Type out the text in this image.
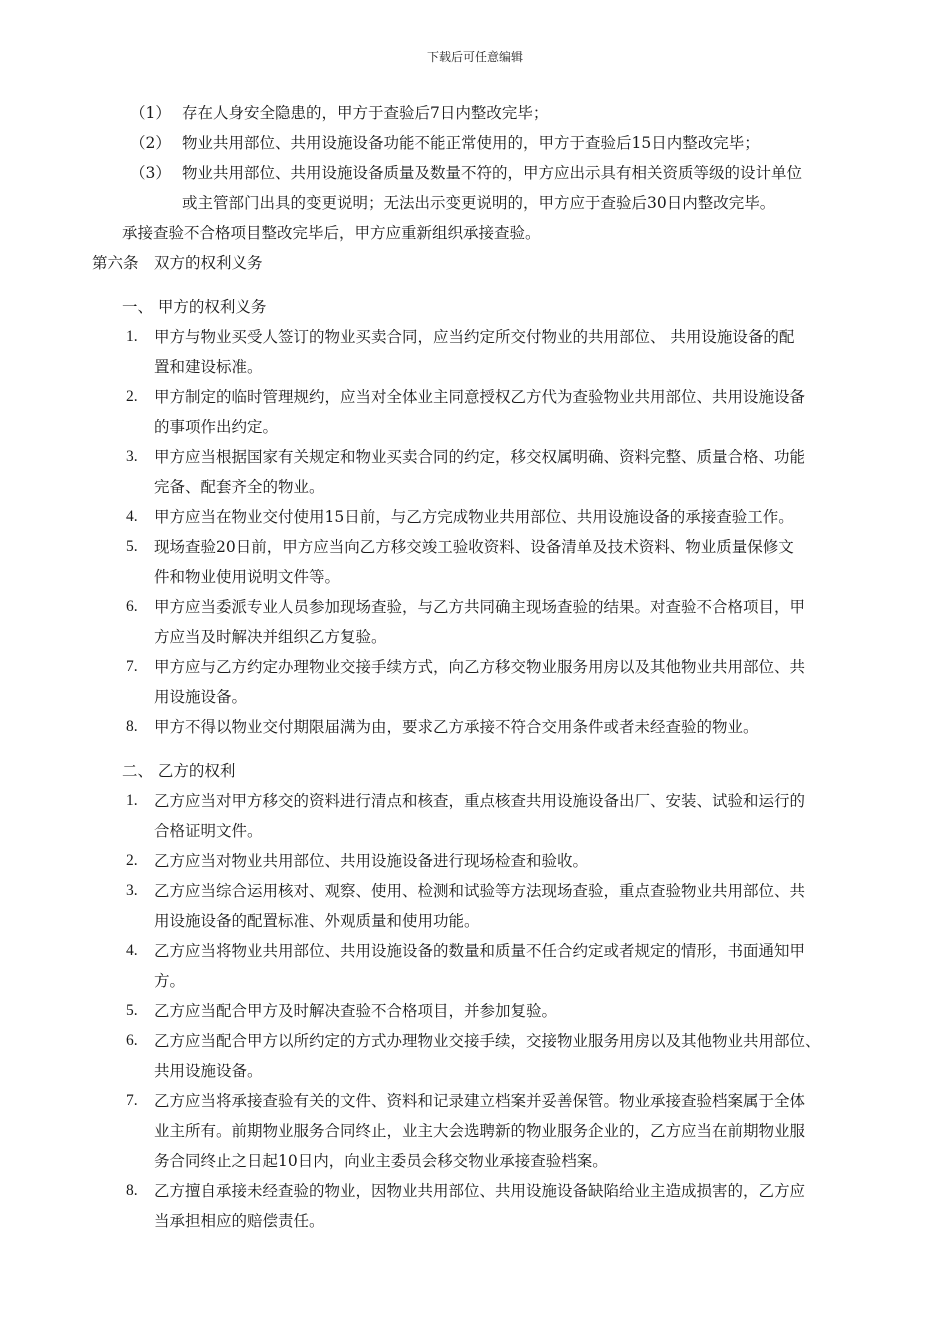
下载后可任意编辑
（1） 存在人身安全隐患的，甲方于查验后7日内整改完毕；
（2） 物业共用部位、共用设施设备功能不能正常使用的，甲方于查验后15日内整改完毕；
（3） 物业共用部位、共用设施设备质量及数量不符的，甲方应出示具有相关资质等级的设计单位
或主管部门出具的变更说明；无法出示变更说明的，甲方应于查验后30日内整改完毕。
承接查验不合格项目整改完毕后，甲方应重新组织承接查验。
第六条　双方的权利义务
一、 甲方的权利义务
1. 甲方与物业买受人签订的物业买卖合同，应当约定所交付物业的共用部位、 共用设施设备的配
置和建设标准。
2. 甲方制定的临时管理规约，应当对全体业主同意授权乙方代为查验物业共用部位、共用设施设备
的事项作出约定。
3. 甲方应当根据国家有关规定和物业买卖合同的约定，移交权属明确、资料完整、质量合格、功能
完备、配套齐全的物业。
4. 甲方应当在物业交付使用15日前，与乙方完成物业共用部位、共用设施设备的承接查验工作。
5. 现场查验20日前，甲方应当向乙方移交竣工验收资料、设备清单及技术资料、物业质量保修文
件和物业使用说明文件等。
6. 甲方应当委派专业人员参加现场查验，与乙方共同确主现场查验的结果。对查验不合格项目，甲
方应当及时解决并组织乙方复验。
7. 甲方应与乙方约定办理物业交接手续方式，向乙方移交物业服务用房以及其他物业共用部位、共
用设施设备。
8. 甲方不得以物业交付期限届满为由，要求乙方承接不符合交用条件或者未经查验的物业。
二、 乙方的权利
1. 乙方应当对甲方移交的资料进行清点和核查，重点核查共用设施设备出厂、安装、试验和运行的
合格证明文件。
2. 乙方应当对物业共用部位、共用设施设备进行现场检查和验收。
3. 乙方应当综合运用核对、观察、使用、检测和试验等方法现场查验，重点查验物业共用部位、共
用设施设备的配置标准、外观质量和使用功能。
4. 乙方应当将物业共用部位、共用设施设备的数量和质量不任合约定或者规定的情形，书面通知甲
方。
5. 乙方应当配合甲方及时解决查验不合格项目，并参加复验。
6. 乙方应当配合甲方以所约定的方式办理物业交接手续，交接物业服务用房以及其他物业共用部位、
共用设施设备。
7. 乙方应当将承接查验有关的文件、资料和记录建立档案并妥善保管。物业承接查验档案属于全体
业主所有。前期物业服务合同终止，业主大会选聘新的物业服务企业的，乙方应当在前期物业服
务合同终止之日起10日内，向业主委员会移交物业承接查验档案。
8. 乙方擅自承接未经查验的物业，因物业共用部位、共用设施设备缺陷给业主造成损害的，乙方应
当承担相应的赔偿责任。
